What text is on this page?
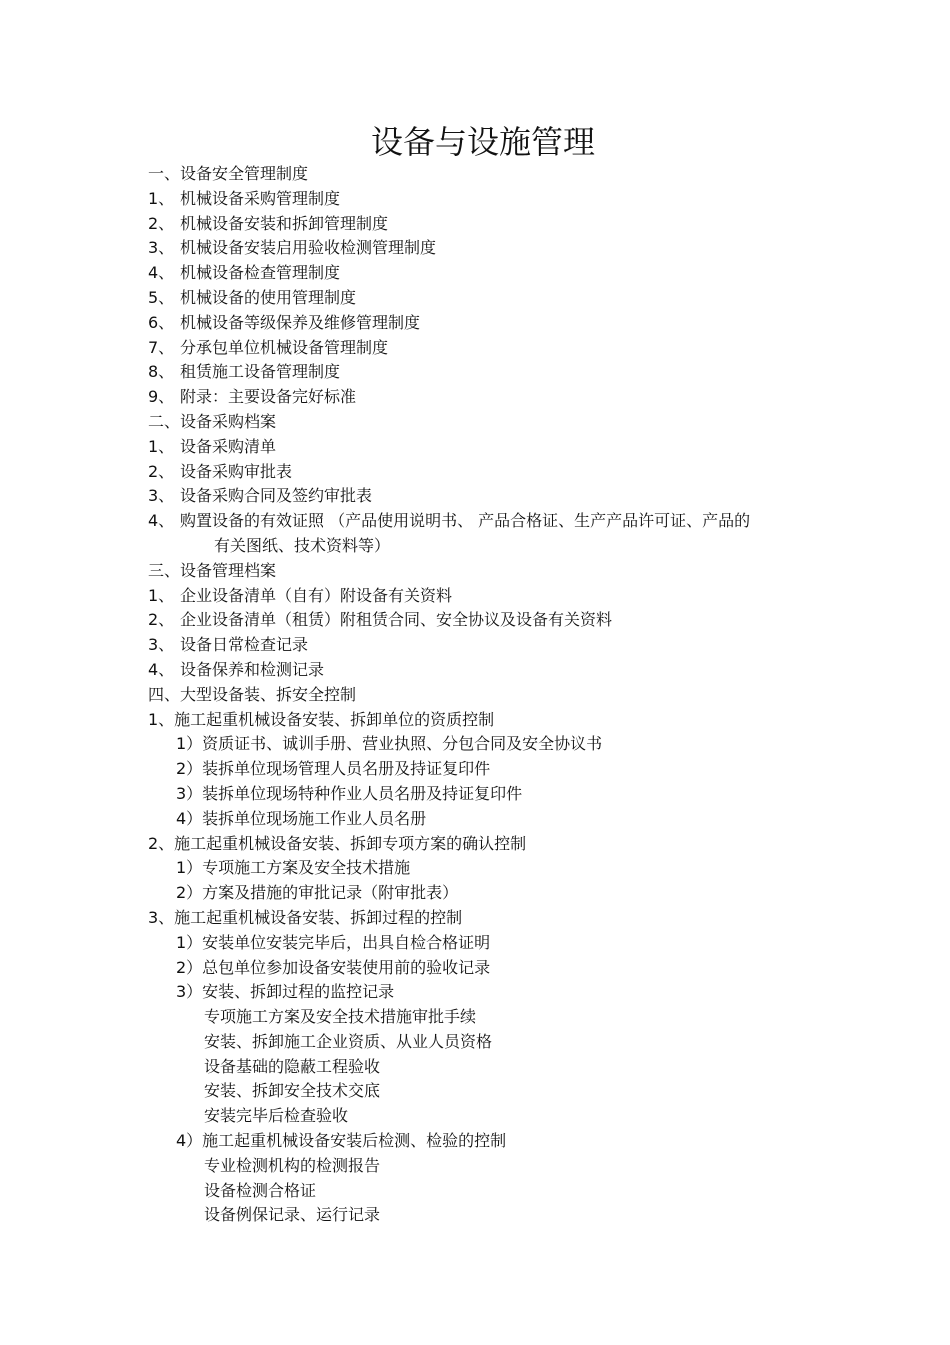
设备与设施管理
一、设备安全管理制度
1、 机械设备采购管理制度
2、 机械设备安装和拆卸管理制度
3、 机械设备安装启用验收检测管理制度
4、 机械设备检查管理制度
5、 机械设备的使用管理制度
6、 机械设备等级保养及维修管理制度
7、 分承包单位机械设备管理制度
8、 租赁施工设备管理制度
9、 附录：主要设备完好标准
二、设备采购档案
1、 设备采购清单
2、 设备采购审批表
3、 设备采购合同及签约审批表
4、 购置设备的有效证照 （产品使用说明书、 产品合格证、生产产品许可证、产品的
有关图纸、技术资料等）
三、设备管理档案
1、 企业设备清单（自有）附设备有关资料
2、 企业设备清单（租赁）附租赁合同、安全协议及设备有关资料
3、 设备日常检查记录
4、 设备保养和检测记录
四、大型设备装、拆安全控制
1、施工起重机械设备安装、拆卸单位的资质控制
1）资质证书、诚训手册、营业执照、分包合同及安全协议书
2）装拆单位现场管理人员名册及持证复印件
3）装拆单位现场特种作业人员名册及持证复印件
4）装拆单位现场施工作业人员名册
2、施工起重机械设备安装、拆卸专项方案的确认控制
1）专项施工方案及安全技术措施
2）方案及措施的审批记录（附审批表）
3、施工起重机械设备安装、拆卸过程的控制
1）安装单位安装完毕后，出具自检合格证明
2）总包单位参加设备安装使用前的验收记录
3）安装、拆卸过程的监控记录
专项施工方案及安全技术措施审批手续
安装、拆卸施工企业资质、从业人员资格
设备基础的隐蔽工程验收
安装、拆卸安全技术交底
安装完毕后检查验收
4）施工起重机械设备安装后检测、检验的控制
专业检测机构的检测报告
设备检测合格证
设备例保记录、运行记录
